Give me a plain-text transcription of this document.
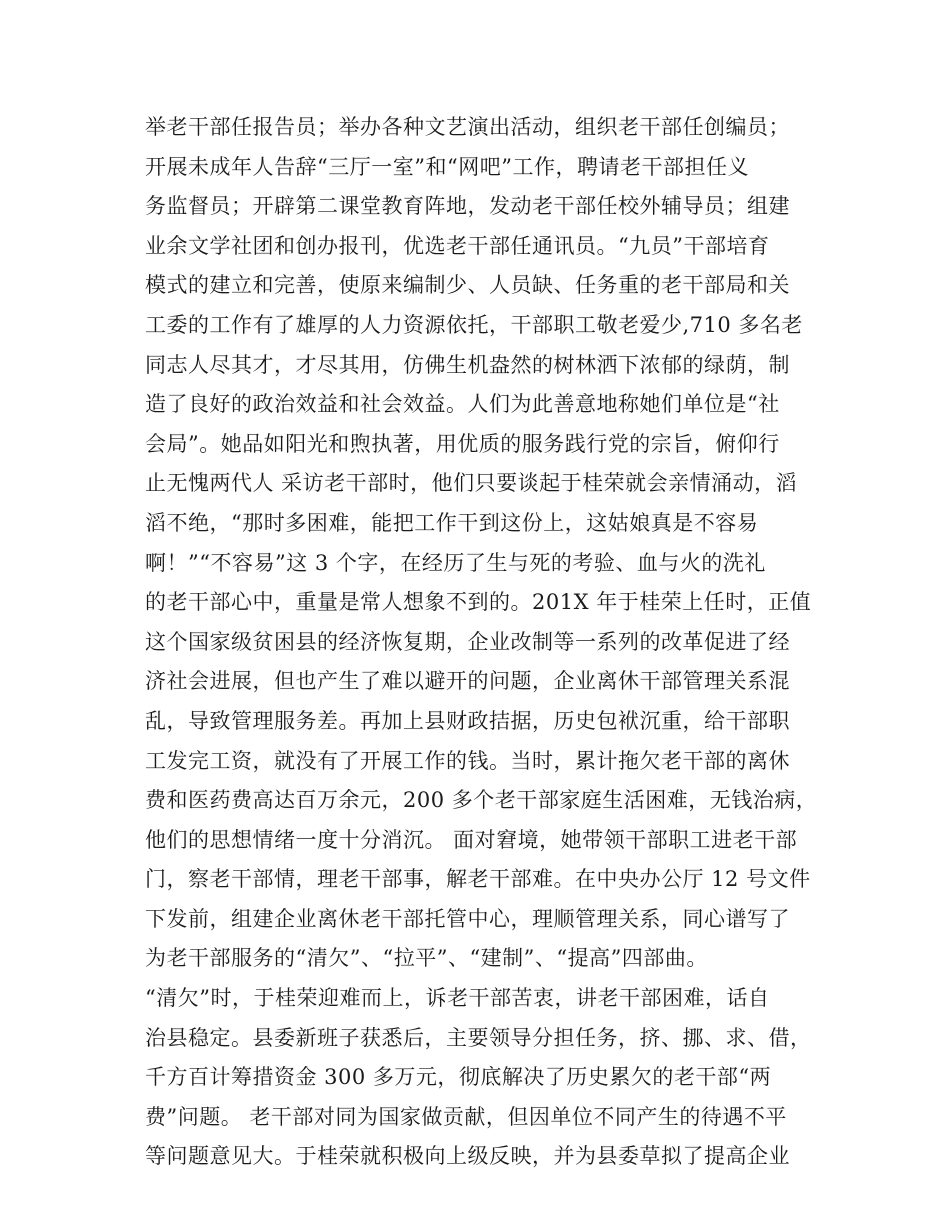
举老干部任报告员；举办各种文艺演出活动，组织老干部任创编员；
开展未成年人告辞“三厅一室”和“网吧”工作，聘请老干部担任义
务监督员；开辟第二课堂教育阵地，发动老干部任校外辅导员；组建
业余文学社团和创办报刊，优选老干部任通讯员。“九员”干部培育
模式的建立和完善，使原来编制少、人员缺、任务重的老干部局和关
工委的工作有了雄厚的人力资源依托，干部职工敬老爱少,710 多名老
同志人尽其才，才尽其用，仿佛生机盎然的树林洒下浓郁的绿荫，制
造了良好的政治效益和社会效益。人们为此善意地称她们单位是“社
会局”。她品如阳光和煦执著，用优质的服务践行党的宗旨，俯仰行
止无愧两代人 采访老干部时，他们只要谈起于桂荣就会亲情涌动，滔
滔不绝，“那时多困难，能把工作干到这份上，这姑娘真是不容易
啊！”“不容易”这 3 个字，在经历了生与死的考验、血与火的洗礼
的老干部心中，重量是常人想象不到的。201X 年于桂荣上任时，正值
这个国家级贫困县的经济恢复期，企业改制等一系列的改革促进了经
济社会进展，但也产生了难以避开的问题，企业离休干部管理关系混
乱，导致管理服务差。再加上县财政拮据，历史包袱沉重，给干部职
工发完工资，就没有了开展工作的钱。当时，累计拖欠老干部的离休
费和医药费高达百万余元，200 多个老干部家庭生活困难，无钱治病，
他们的思想情绪一度十分消沉。 面对窘境，她带领干部职工进老干部
门，察老干部情，理老干部事，解老干部难。在中央办公厅 12 号文件
下发前，组建企业离休老干部托管中心，理顺管理关系，同心谱写了
为老干部服务的“清欠”、“拉平”、“建制”、“提高”四部曲。
“清欠”时，于桂荣迎难而上，诉老干部苦衷，讲老干部困难，话自
治县稳定。县委新班子获悉后，主要领导分担任务，挤、挪、求、借，
千方百计筹措资金 300 多万元，彻底解决了历史累欠的老干部“两
费”问题。 老干部对同为国家做贡献，但因单位不同产生的待遇不平
等问题意见大。于桂荣就积极向上级反映，并为县委草拟了提高企业
